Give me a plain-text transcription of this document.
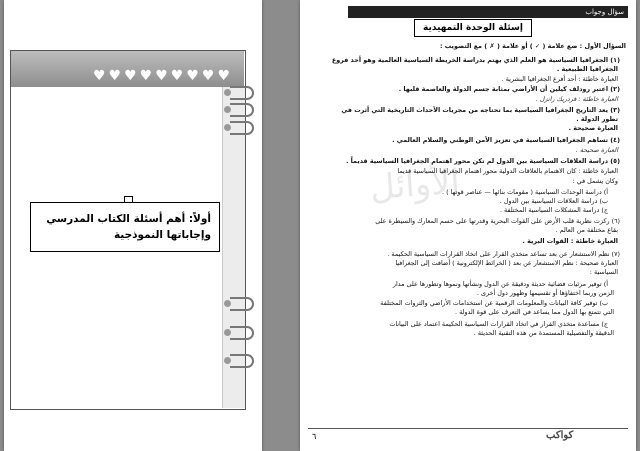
♥
♥
♥
♥
♥
♥
♥
♥
♥
أولاً: أهم أسئلة الكتاب المدرسي
وإجاباتها النموذجية
سؤال وجواب
إسئلة الوحدة التمهيدية
الأوائل
السؤال الأول : ضع علامة ( ✓ ) أو علامة ( ✗ ) مع التصويب :
(١) الجغرافيا السياسية هو العلم الذي يهتم بدراسة الخريطة السياسية العالمية وهو أحد فروع
الجغرافيا الطبيعية .
العبارة خاطئة : أحد أفرع الجغرافيا البشرية .
(٢) اعتبر رودلف كيلين أن الأراضي بمثابة جسم الدولة والعاصمة قلبها .
العبارة خاطئة : فردريك راتزل .
(٣) يعد التاريخ الجغرافيا السياسية بما تحتاجه من مجريات الأحداث التاريخية التي أثرت في
تطور الدولة .
العبارة صحيحة .
(٤) تساهم الجغرافيا السياسية في تعزيز الأمن الوطني والسلام العالمي .
العبارة صحيحة .
(٥) دراسة العلاقات السياسية بين الدول لم تكن محور اهتمام الجغرافيا السياسية قديماً .
العبارة خاطئة : كان الاهتمام بالعلاقات الدولية محور اهتمام الجغرافيا السياسية قديما
وكان يشمل في :
أ) دراسة الوحدات السياسية ( مقومات بنائها — عناصر قوتها ) .
ب) دراسة العلاقات السياسية بين الدول .
ج) دراسة المشكلات السياسية المختلفة .
(٦) ركزت نظرية قلب الأرض على القوات البحرية وقدرتها على حسم المعارك والسيطرة على
بقاع مختلفة من العالم .
العبارة خاطئة : القوات البرية .
(٧) نظم الاستشعار عن بعد تساعد متخذي القرار على اتخاذ القرارات السياسية الحكيمة .
العبارة صحيحة : نظم الاستشعار عن بعد ( الخرائط الإلكترونية ) أضافت إلى الجغرافيا
السياسية :
أ) توفير مرئيات فضائية حديثة ودقيقة عن الدول ونشأتها ونموها وتطورها على مدار
الزمن وربما اختفاؤها أو تقسيمها وظهور دول أخرى .
ب) توفير كافة البيانات والمعلومات الرقمية عن استخدامات الأراضي والثروات المختلفة
التي تتمتع بها الدول مما يساعد في التعرف على قوة الدولة .
ج) مساعدة متخذي القرار في اتخاذ القرارات السياسية الحكيمة اعتماد على البيانات
الدقيقة والتفصيلية المستمدة من هذه التقنية الحديثة .
٦	كواكب
